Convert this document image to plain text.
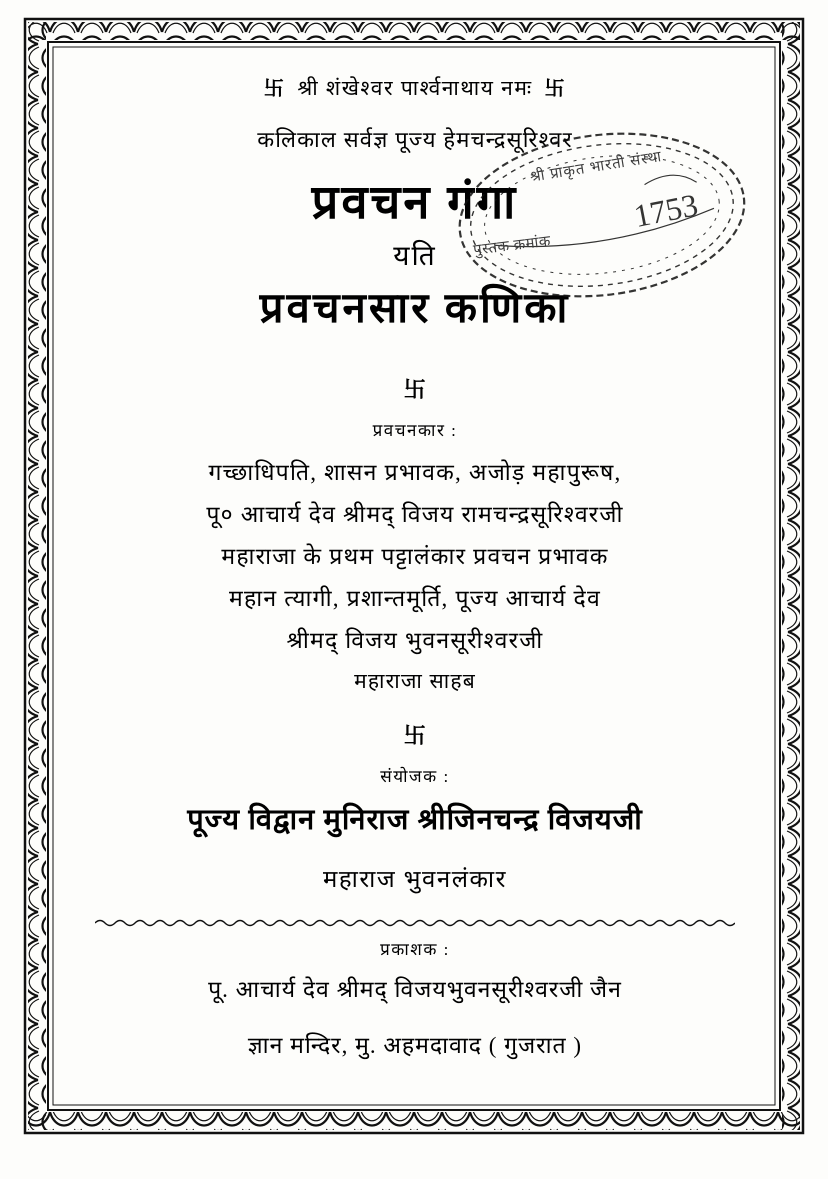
卐 श्री शंखेश्वर पार्श्वनाथाय नमः 卐
कलिकाल सर्वज्ञ पूज्य हेमचन्द्रसूरिश्वर
प्रवचन गंगा
यति
प्रवचनसार कणिका
卐
प्रवचनकार :
गच्छाधिपति, शासन प्रभावक, अजोड़ महापुरूष,
पू० आचार्य देव श्रीमद् विजय रामचन्द्रसूरिश्वरजी
महाराजा के प्रथम पट्टालंकार प्रवचन प्रभावक
महान त्यागी, प्रशान्तमूर्ति, पूज्य आचार्य देव
श्रीमद् विजय भुवनसूरीश्वरजी
महाराजा साहब
卐
संयोजक :
पूज्य विद्वान मुनिराज श्रीजिनचन्द्र विजयजी
महाराज भुवनलंकार
प्रकाशक :
पू. आचार्य देव श्रीमद् विजयभुवनसूरीश्वरजी जैन
ज्ञान मन्दिर, मु. अहमदावाद ( गुजरात )
श्री प्राकृत भारती संस्था
पुस्तक क्रमांक
1753
